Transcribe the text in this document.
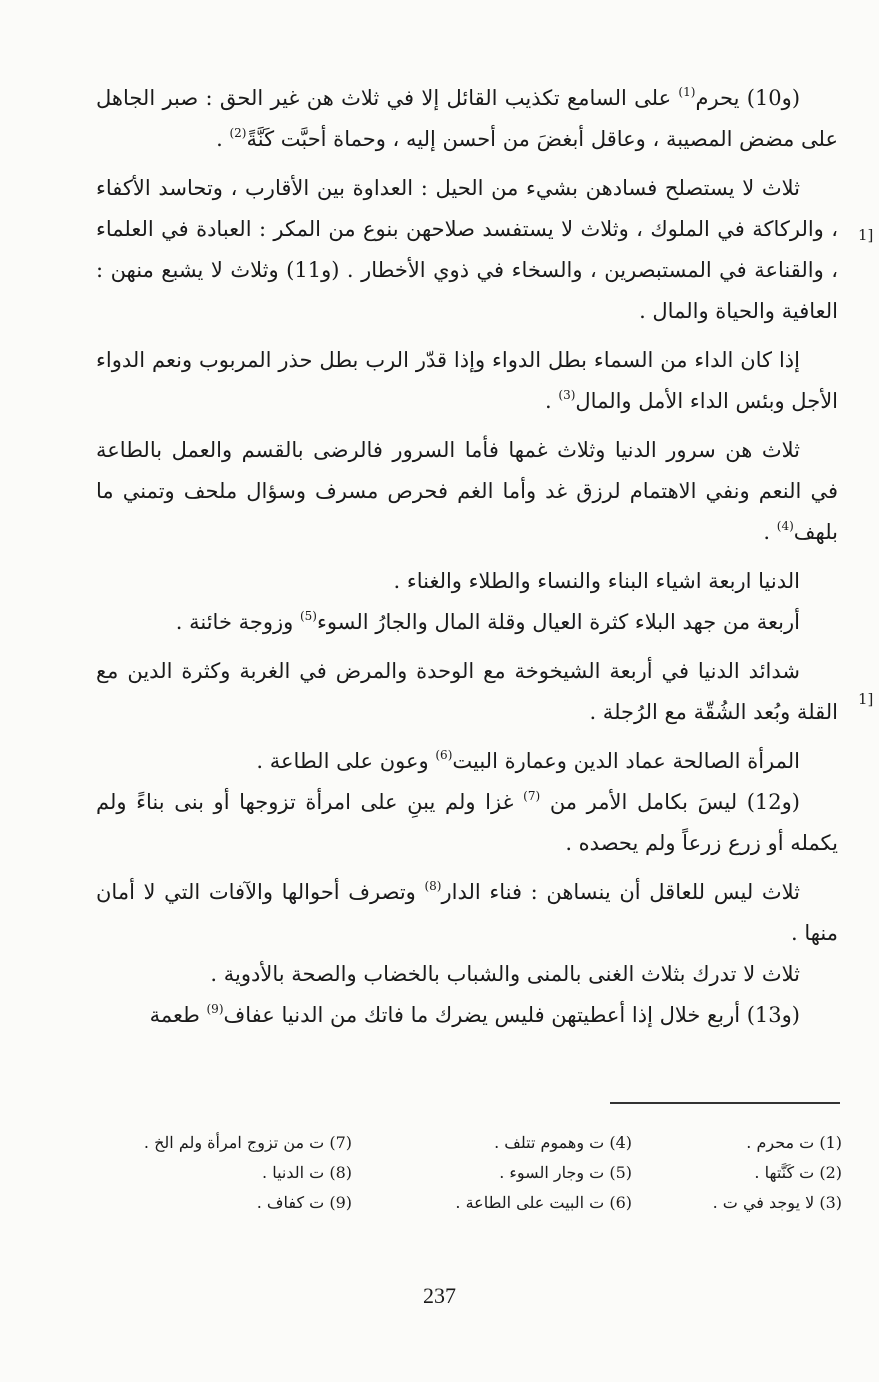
1]
1]

(و10) يحرم$^{(1)}$ على السامع تكذيب القائل إلا في ثلاث هن غير الحق : صبر الجاهل على مضض المصيبة ، وعاقل أبغضَ من أحسن إليه ، وحماة أحبَّت كَنَّةً$^{(2)}$ .

ثلاث لا يستصلح فسادهن بشيء من الحيل : العداوة بين الأقارب ، وتحاسد الأكفاء ، والركاكة في الملوك ، وثلاث لا يستفسد صلاحهن بنوع من المكر : العبادة في العلماء ، والقناعة في المستبصرين ، والسخاء في ذوي الأخطار . (و11) وثلاث لا يشبع منهن : العافية والحياة والمال .

إذا كان الداء من السماء بطل الدواء وإذا قدّر الرب بطل حذر المربوب ونعم الدواء الأجل وبئس الداء الأمل والمال$^{(3)}$ .

ثلاث هن سرور الدنيا وثلاث غمها فأما السرور فالرضى بالقسم والعمل بالطاعة في النعم ونفي الاهتمام لرزق غد وأما الغم فحرص مسرف وسؤال ملحف وتمني ما بلهف$^{(4)}$ .

الدنيا اربعة اشياء البناء والنساء والطلاء والغناء .

أربعة من جهد البلاء كثرة العيال وقلة المال والجارُ السوء$^{(5)}$ وزوجة خائنة .

شدائد الدنيا في أربعة الشيخوخة مع الوحدة والمرض في الغربة وكثرة الدين مع القلة وبُعد الشُقّة مع الرُجلة .

المرأة الصالحة عماد الدين وعمارة البيت$^{(6)}$ وعون على الطاعة .

(و12) ليسَ بكامل الأمر من $^{(7)}$ غزا ولم يبنِ على امرأة تزوجها أو بنى بناءً ولم يكمله أو زرع زرعاً ولم يحصده .

ثلاث ليس للعاقل أن ينساهن : فناء الدار$^{(8)}$ وتصرف أحوالها والآفات التي لا أمان منها .

ثلاث لا تدرك بثلاث الغنى بالمنى والشباب بالخضاب والصحة بالأدوية .

(و13) أربع خلال إذا أعطيتهن فليس يضرك ما فاتك من الدنيا عفاف$^{(9)}$ طعمة

(1) ت محرم .
(2) ت كَنَّتها .
(3) لا يوجد في ت .
(4) ت وهموم تتلف .
(5) ت وجار السوء .
(6) ت البيت على الطاعة .
(7) ت من تزوج امرأة ولم الخ .
(8) ت الدنيا .
(9) ت كفاف .
237
